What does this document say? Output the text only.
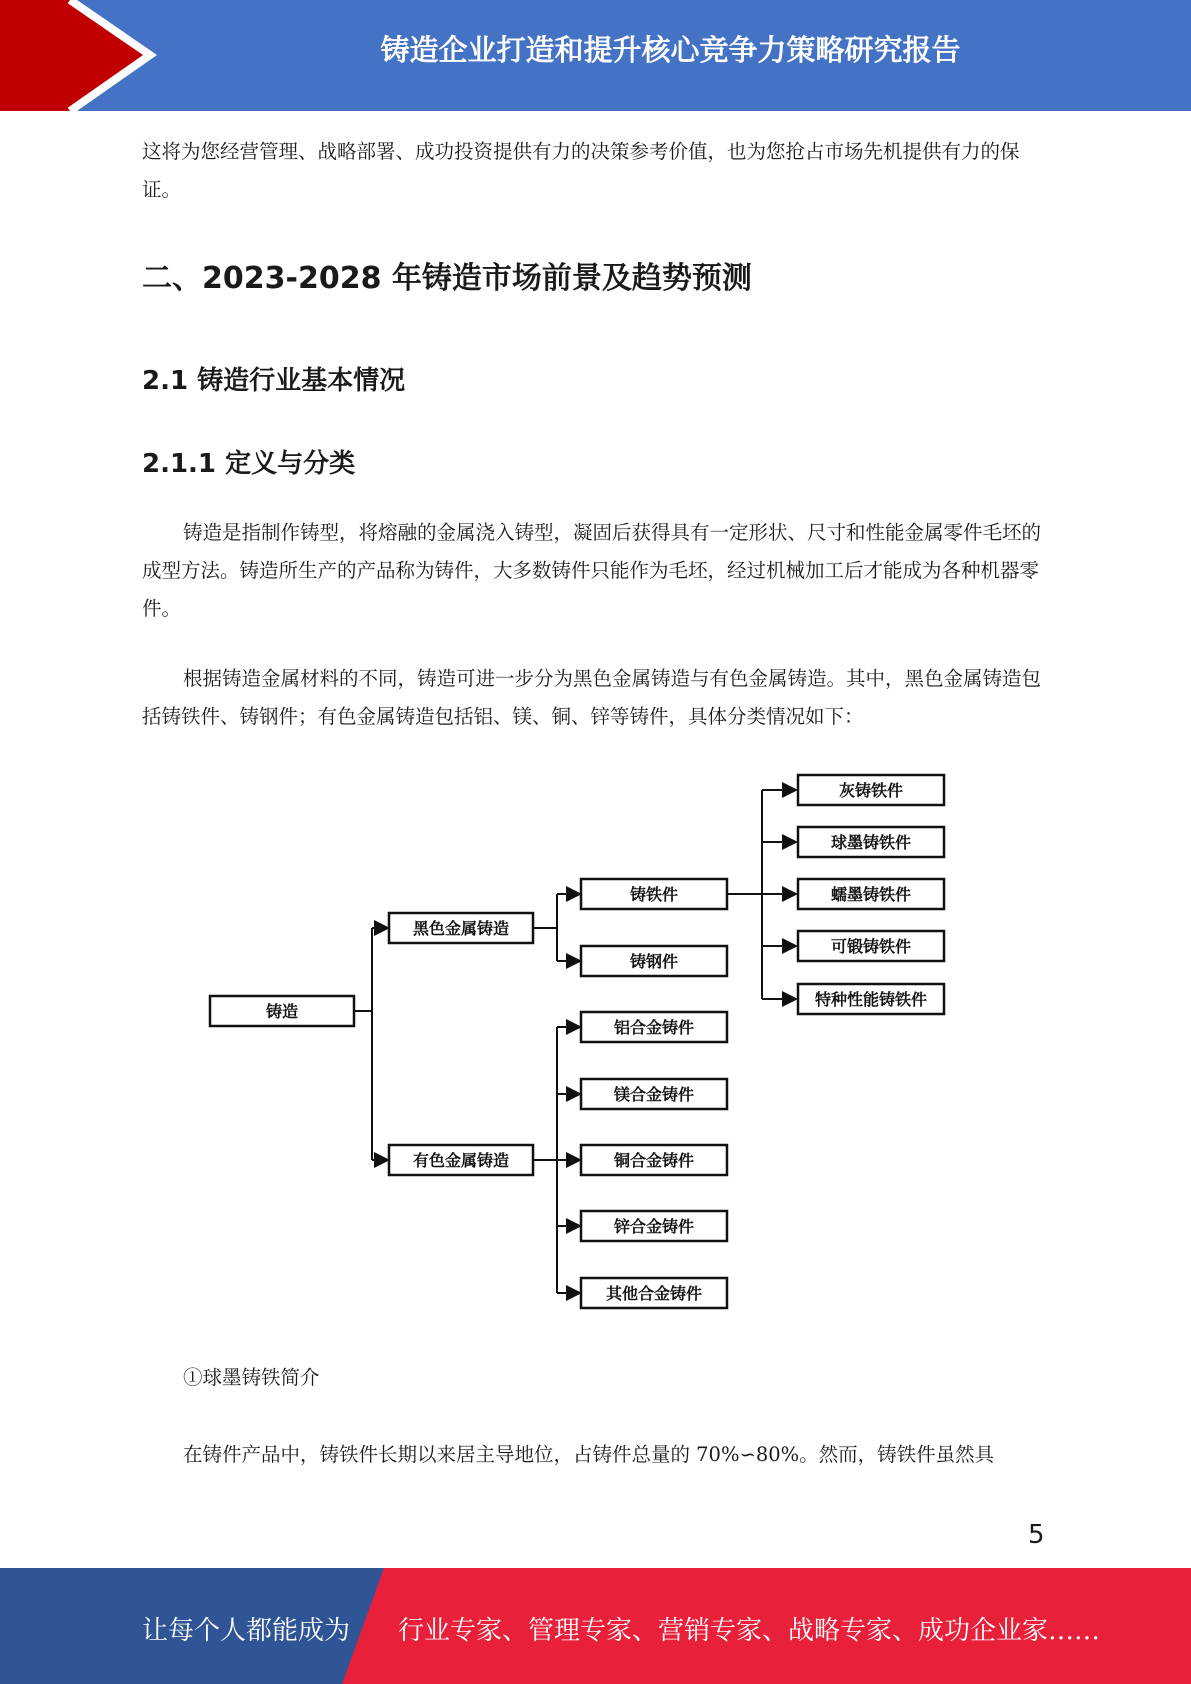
铸造企业打造和提升核心竞争力策略研究报告

这将为您经营管理、战略部署、成功投资提供有力的决策参考价值，也为您抢占市场先机提供有力的保证。

二、2023-2028 年铸造市场前景及趋势预测
2.1 铸造行业基本情况
2.1.1 定义与分类

铸造是指制作铸型，将熔融的金属浇入铸型，凝固后获得具有一定形状、尺寸和性能金属零件毛坯的成型方法。铸造所生产的产品称为铸件，大多数铸件只能作为毛坯，经过机械加工后才能成为各种机器零件。

根据铸造金属材料的不同，铸造可进一步分为黑色金属铸造与有色金属铸造。其中，黑色金属铸造包括铸铁件、铸钢件；有色金属铸造包括铝、镁、铜、锌等铸件，具体分类情况如下：

铸造
黑色金属铸造
有色金属铸造
铸铁件
铸钢件
灰铸铁件
球墨铸铁件
蠕墨铸铁件
可锻铸铁件
特种性能铸铁件
铝合金铸件
镁合金铸件
铜合金铸件
锌合金铸件
其他合金铸件

①球墨铸铁简介

在铸件产品中，铸铁件长期以来居主导地位，占铸件总量的 70%∽80%。然而，铸铁件虽然具

5
让每个人都能成为 行业专家、管理专家、营销专家、战略专家、成功企业家……
